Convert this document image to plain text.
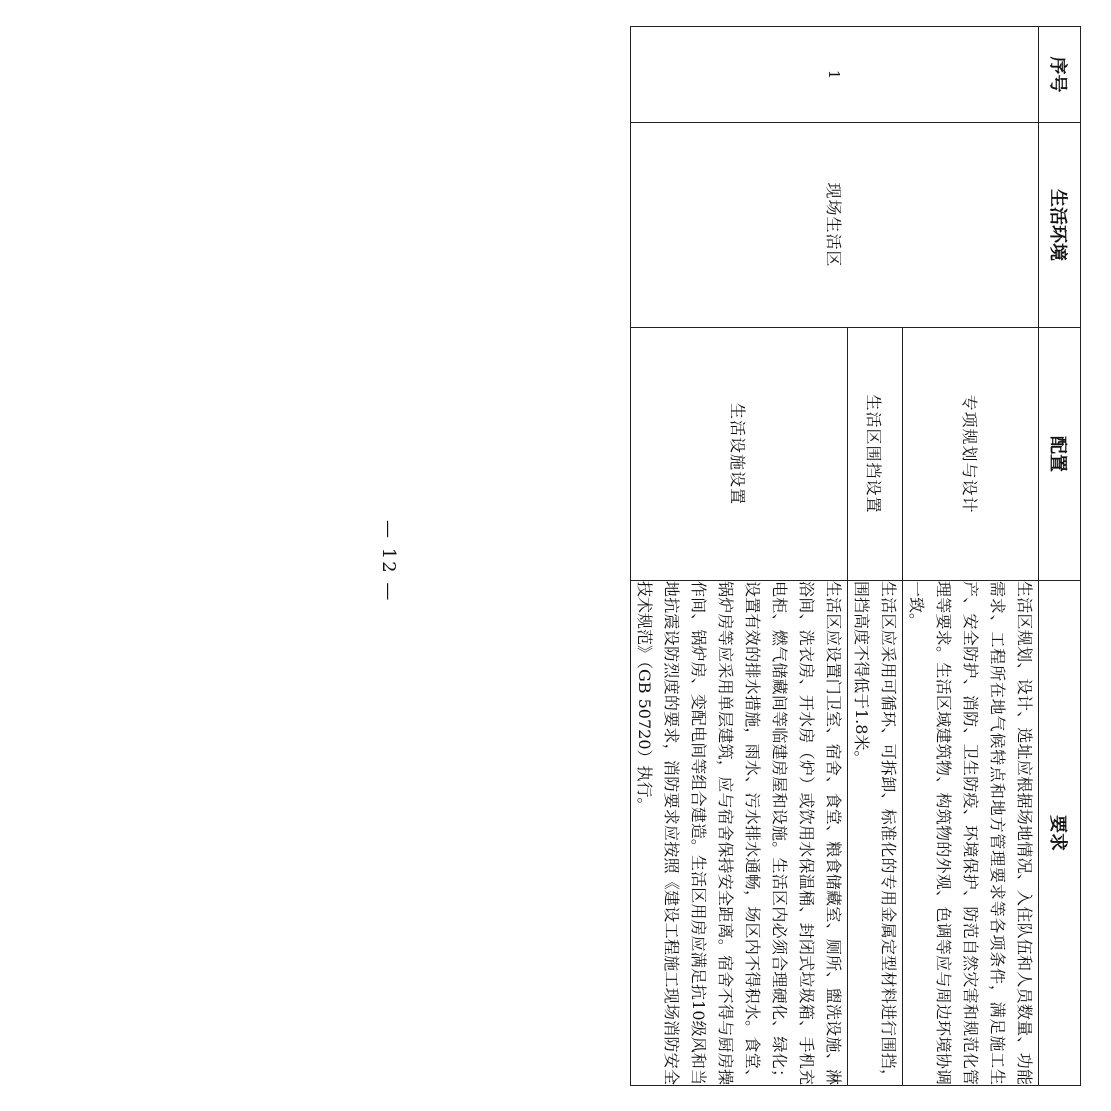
序号	生活环境	配置	要求
1	现场生活区	专项规划与设计	生活区规划、设计、选址应根据场地情况、入住队伍和人员数量、功能需求、工程所在地气候特点和地方管理要求等各项条件，满足施工生产、安全防护、消防、卫生防疫、环境保护、防范自然灾害和规范化管理等要求。生活区域建筑物、构筑物的外观、色调等应与周边环境协调一致。
		生活区围挡设置	生活区应采用可循环、可拆卸、标准化的专用金属定型材料进行围挡，围挡高度不得低于1.8米。
		生活设施设置	生活区应设置门卫室、宿舍、食堂、粮食储藏室、厕所、盥洗设施、淋浴间、洗衣房、开水房（炉）或饮用水保温桶、封闭式垃圾箱、手机充电柜、燃气储藏间等临建房屋和设施。生活区内必须合理硬化、绿化；设置有效的排水措施，雨水、污水排水通畅，场区内不得积水。食堂、锅炉房等应采用单层建筑，应与宿舍保持安全距离。宿舍不得与厨房操作间、锅炉房、变配电间等组合建造。生活区用房应满足抗10级风和当地抗震设防烈度的要求，消防要求应按照《建设工程施工现场消防安全技术规范》（GB 50720）执行。
— 12 —
